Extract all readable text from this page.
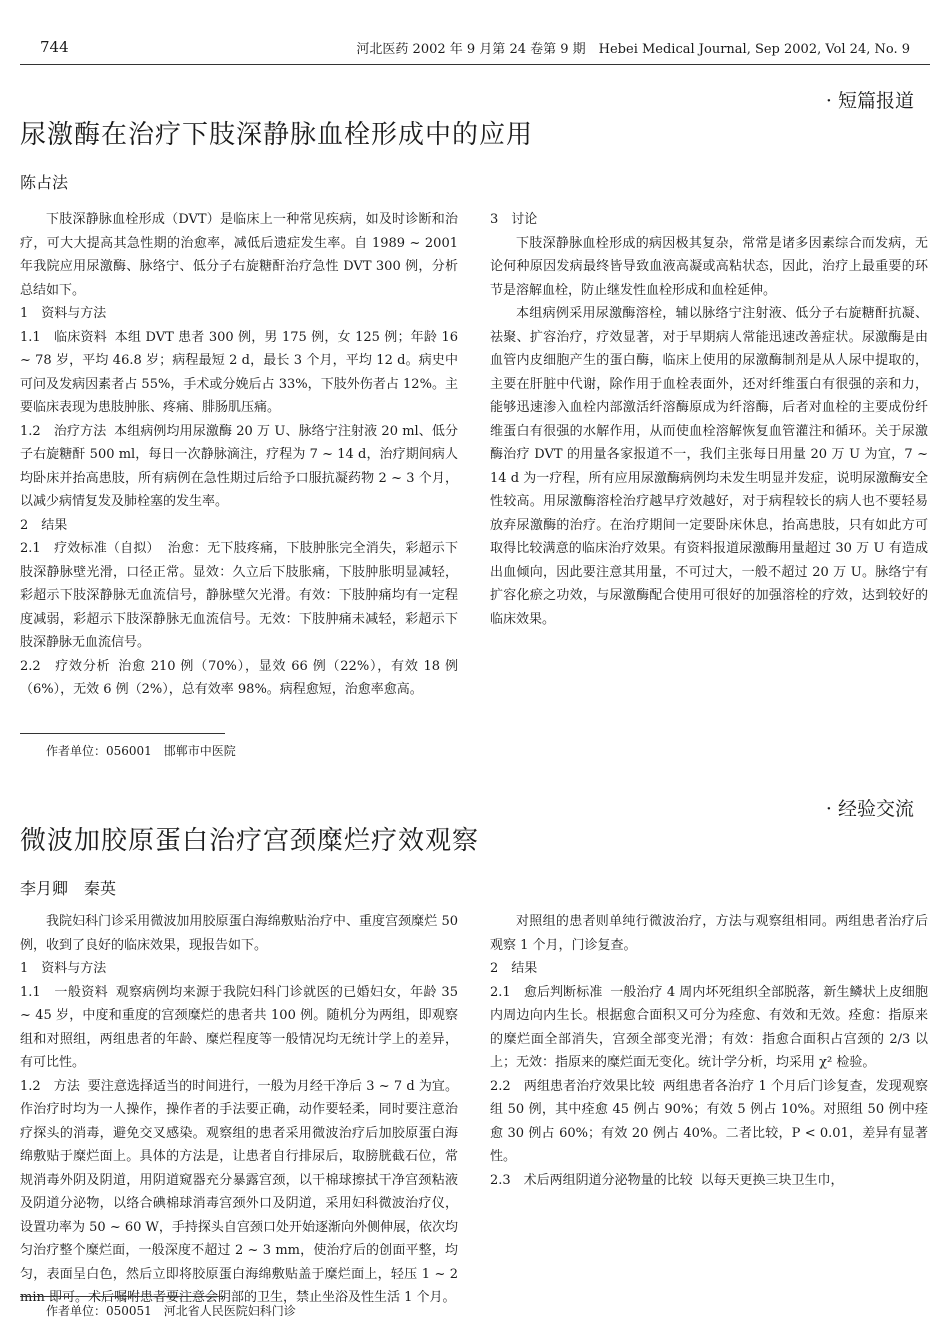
744	河北医药 2002 年 9 月第 24 卷第 9 期　Hebei Medical Journal, Sep 2002, Vol 24, No. 9
· 短篇报道
尿激酶在治疗下肢深静脉血栓形成中的应用
陈占法

下肢深静脉血栓形成（DVT）是临床上一种常见疾病，如及时诊断和治疗，可大大提高其急性期的治愈率，减低后遗症发生率。自 1989 ~ 2001 年我院应用尿激酶、脉络宁、低分子右旋糖酐治疗急性 DVT 300 例，分析总结如下。

1　资料与方法

1.1　临床资料 本组 DVT 患者 300 例，男 175 例，女 125 例；年龄 16 ~ 78 岁，平均 46.8 岁；病程最短 2 d，最长 3 个月，平均 12 d。病史中可问及发病因素者占 55%，手术或分娩后占 33%，下肢外伤者占 12%。主要临床表现为患肢肿胀、疼痛、腓肠肌压痛。

1.2　治疗方法 本组病例均用尿激酶 20 万 U、脉络宁注射液 20 ml、低分子右旋糖酐 500 ml，每日一次静脉滴注，疗程为 7 ~ 14 d，治疗期间病人均卧床并抬高患肢，所有病例在急性期过后给予口服抗凝药物 2 ~ 3 个月，以减少病情复发及肺栓塞的发生率。

2　结果

2.1　疗效标准（自拟） 治愈：无下肢疼痛，下肢肿胀完全消失，彩超示下肢深静脉壁光滑，口径正常。显效：久立后下肢胀痛，下肢肿胀明显减轻，彩超示下肢深静脉无血流信号，静脉壁欠光滑。有效：下肢肿痛均有一定程度减弱，彩超示下肢深静脉无血流信号。无效：下肢肿痛未减轻，彩超示下肢深静脉无血流信号。

2.2　疗效分析 治愈 210 例（70%），显效 66 例（22%），有效 18 例（6%），无效 6 例（2%），总有效率 98%。病程愈短，治愈率愈高。

3　讨论

下肢深静脉血栓形成的病因极其复杂，常常是诸多因素综合而发病，无论何种原因发病最终皆导致血液高凝或高粘状态，因此，治疗上最重要的环节是溶解血栓，防止继发性血栓形成和血栓延伸。

本组病例采用尿激酶溶栓，辅以脉络宁注射液、低分子右旋糖酐抗凝、祛聚、扩容治疗，疗效显著，对于早期病人常能迅速改善症状。尿激酶是由血管内皮细胞产生的蛋白酶，临床上使用的尿激酶制剂是从人尿中提取的，主要在肝脏中代谢，除作用于血栓表面外，还对纤维蛋白有很强的亲和力，能够迅速渗入血栓内部激活纤溶酶原成为纤溶酶，后者对血栓的主要成份纤维蛋白有很强的水解作用，从而使血栓溶解恢复血管灌注和循环。关于尿激酶治疗 DVT 的用量各家报道不一，我们主张每日用量 20 万 U 为宜，7 ~ 14 d 为一疗程，所有应用尿激酶病例均未发生明显并发症，说明尿激酶安全性较高。用尿激酶溶栓治疗越早疗效越好，对于病程较长的病人也不要轻易放弃尿激酶的治疗。在治疗期间一定要卧床休息，抬高患肢，只有如此方可取得比较满意的临床治疗效果。有资料报道尿激酶用量超过 30 万 U 有造成出血倾向，因此要注意其用量，不可过大，一般不超过 20 万 U。脉络宁有扩容化瘀之功效，与尿激酶配合使用可很好的加强溶栓的疗效，达到较好的临床效果。

作者单位：056001　邯郸市中医院
· 经验交流
微波加胶原蛋白治疗宫颈糜烂疗效观察
李月卿　秦英

我院妇科门诊采用微波加用胶原蛋白海绵敷贴治疗中、重度宫颈糜烂 50 例，收到了良好的临床效果，现报告如下。

1　资料与方法

1.1　一般资料 观察病例均来源于我院妇科门诊就医的已婚妇女，年龄 35 ~ 45 岁，中度和重度的宫颈糜烂的患者共 100 例。随机分为两组，即观察组和对照组，两组患者的年龄、糜烂程度等一般情况均无统计学上的差异，有可比性。

1.2　方法 要注意选择适当的时间进行，一般为月经干净后 3 ~ 7 d 为宜。作治疗时均为一人操作，操作者的手法要正确，动作要轻柔，同时要注意治疗探头的消毒，避免交叉感染。观察组的患者采用微波治疗后加胶原蛋白海绵敷贴于糜烂面上。具体的方法是，让患者自行排尿后，取膀胱截石位，常规消毒外阴及阴道，用阴道窥器充分暴露宫颈，以干棉球擦拭干净宫颈粘液及阴道分泌物，以络合碘棉球消毒宫颈外口及阴道，采用妇科微波治疗仪，设置功率为 50 ~ 60 W，手持探头自宫颈口处开始逐渐向外侧伸展，依次均匀治疗整个糜烂面，一般深度不超过 2 ~ 3 mm，使治疗后的创面平整，均匀，表面呈白色，然后立即将胶原蛋白海绵敷贴盖于糜烂面上，轻压 1 ~ 2 min 即可。术后嘱咐患者要注意会阴部的卫生，禁止坐浴及性生活 1 个月。

对照组的患者则单纯行微波治疗，方法与观察组相同。两组患者治疗后观察 1 个月，门诊复查。

2　结果

2.1　愈后判断标准 一般治疗 4 周内坏死组织全部脱落，新生鳞状上皮细胞内周边向内生长。根据愈合面积又可分为痊愈、有效和无效。痊愈：指原来的糜烂面全部消失，宫颈全部变光滑；有效：指愈合面积占宫颈的 2/3 以上；无效：指原来的糜烂面无变化。统计学分析，均采用 χ² 检验。

2.2　两组患者治疗效果比较 两组患者各治疗 1 个月后门诊复查，发现观察组 50 例，其中痊愈 45 例占 90%；有效 5 例占 10%。对照组 50 例中痊愈 30 例占 60%；有效 20 例占 40%。二者比较，P < 0.01，差异有显著性。

2.3　术后两组阴道分泌物量的比较 以每天更换三块卫生巾，

作者单位：050051　河北省人民医院妇科门诊
